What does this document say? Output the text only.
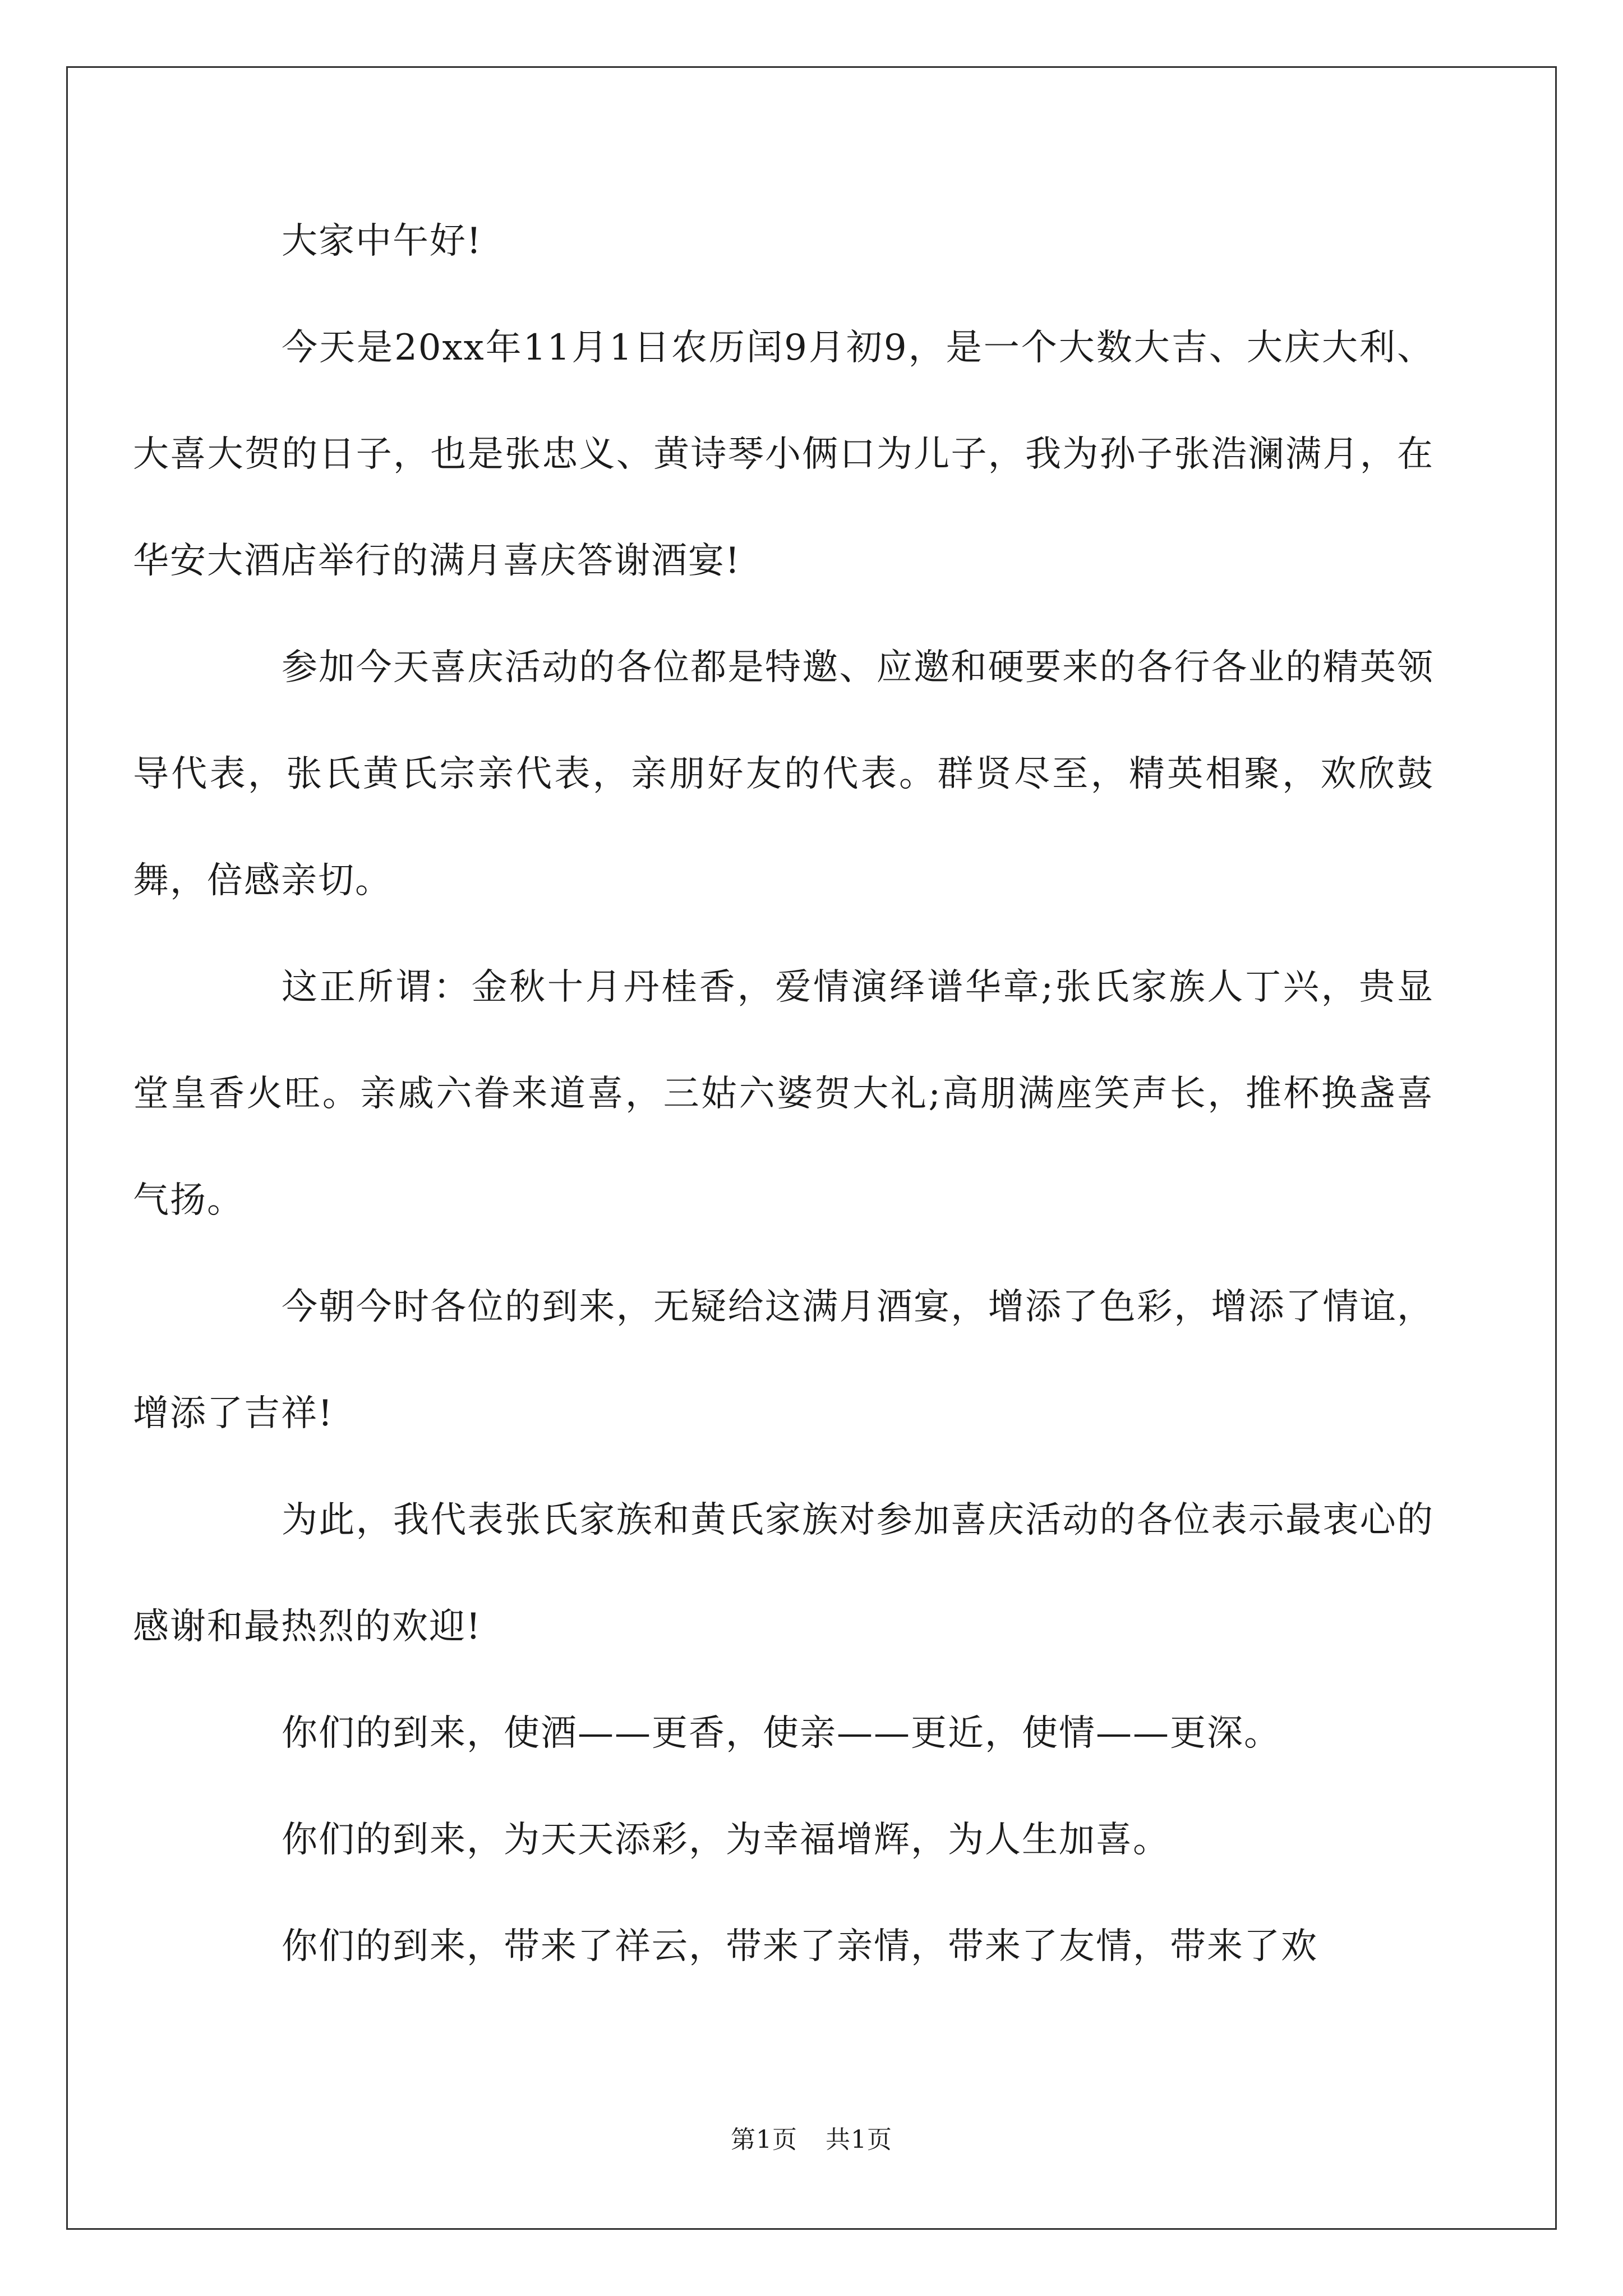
大家中午好!

今天是20xx年11月1日农历闰9月初9，是一个大数大吉、大庆大利、大喜大贺的日子，也是张忠义、黄诗琴小俩口为儿子，我为孙子张浩澜满月，在华安大酒店举行的满月喜庆答谢酒宴!

参加今天喜庆活动的各位都是特邀、应邀和硬要来的各行各业的精英领导代表，张氏黄氏宗亲代表，亲朋好友的代表。群贤尽至，精英相聚，欢欣鼓舞，倍感亲切。

这正所谓：金秋十月丹桂香，爱情演绎谱华章;张氏家族人丁兴，贵显堂皇香火旺。亲戚六眷来道喜，三姑六婆贺大礼;高朋满座笑声长，推杯换盏喜气扬。

今朝今时各位的到来，无疑给这满月酒宴，增添了色彩，增添了情谊，增添了吉祥!

为此，我代表张氏家族和黄氏家族对参加喜庆活动的各位表示最衷心的感谢和最热烈的欢迎!

你们的到来，使酒——更香，使亲——更近，使情——更深。

你们的到来，为天天添彩，为幸福增辉，为人生加喜。

你们的到来，带来了祥云，带来了亲情，带来了友情，带来了欢

第1页 共1页
